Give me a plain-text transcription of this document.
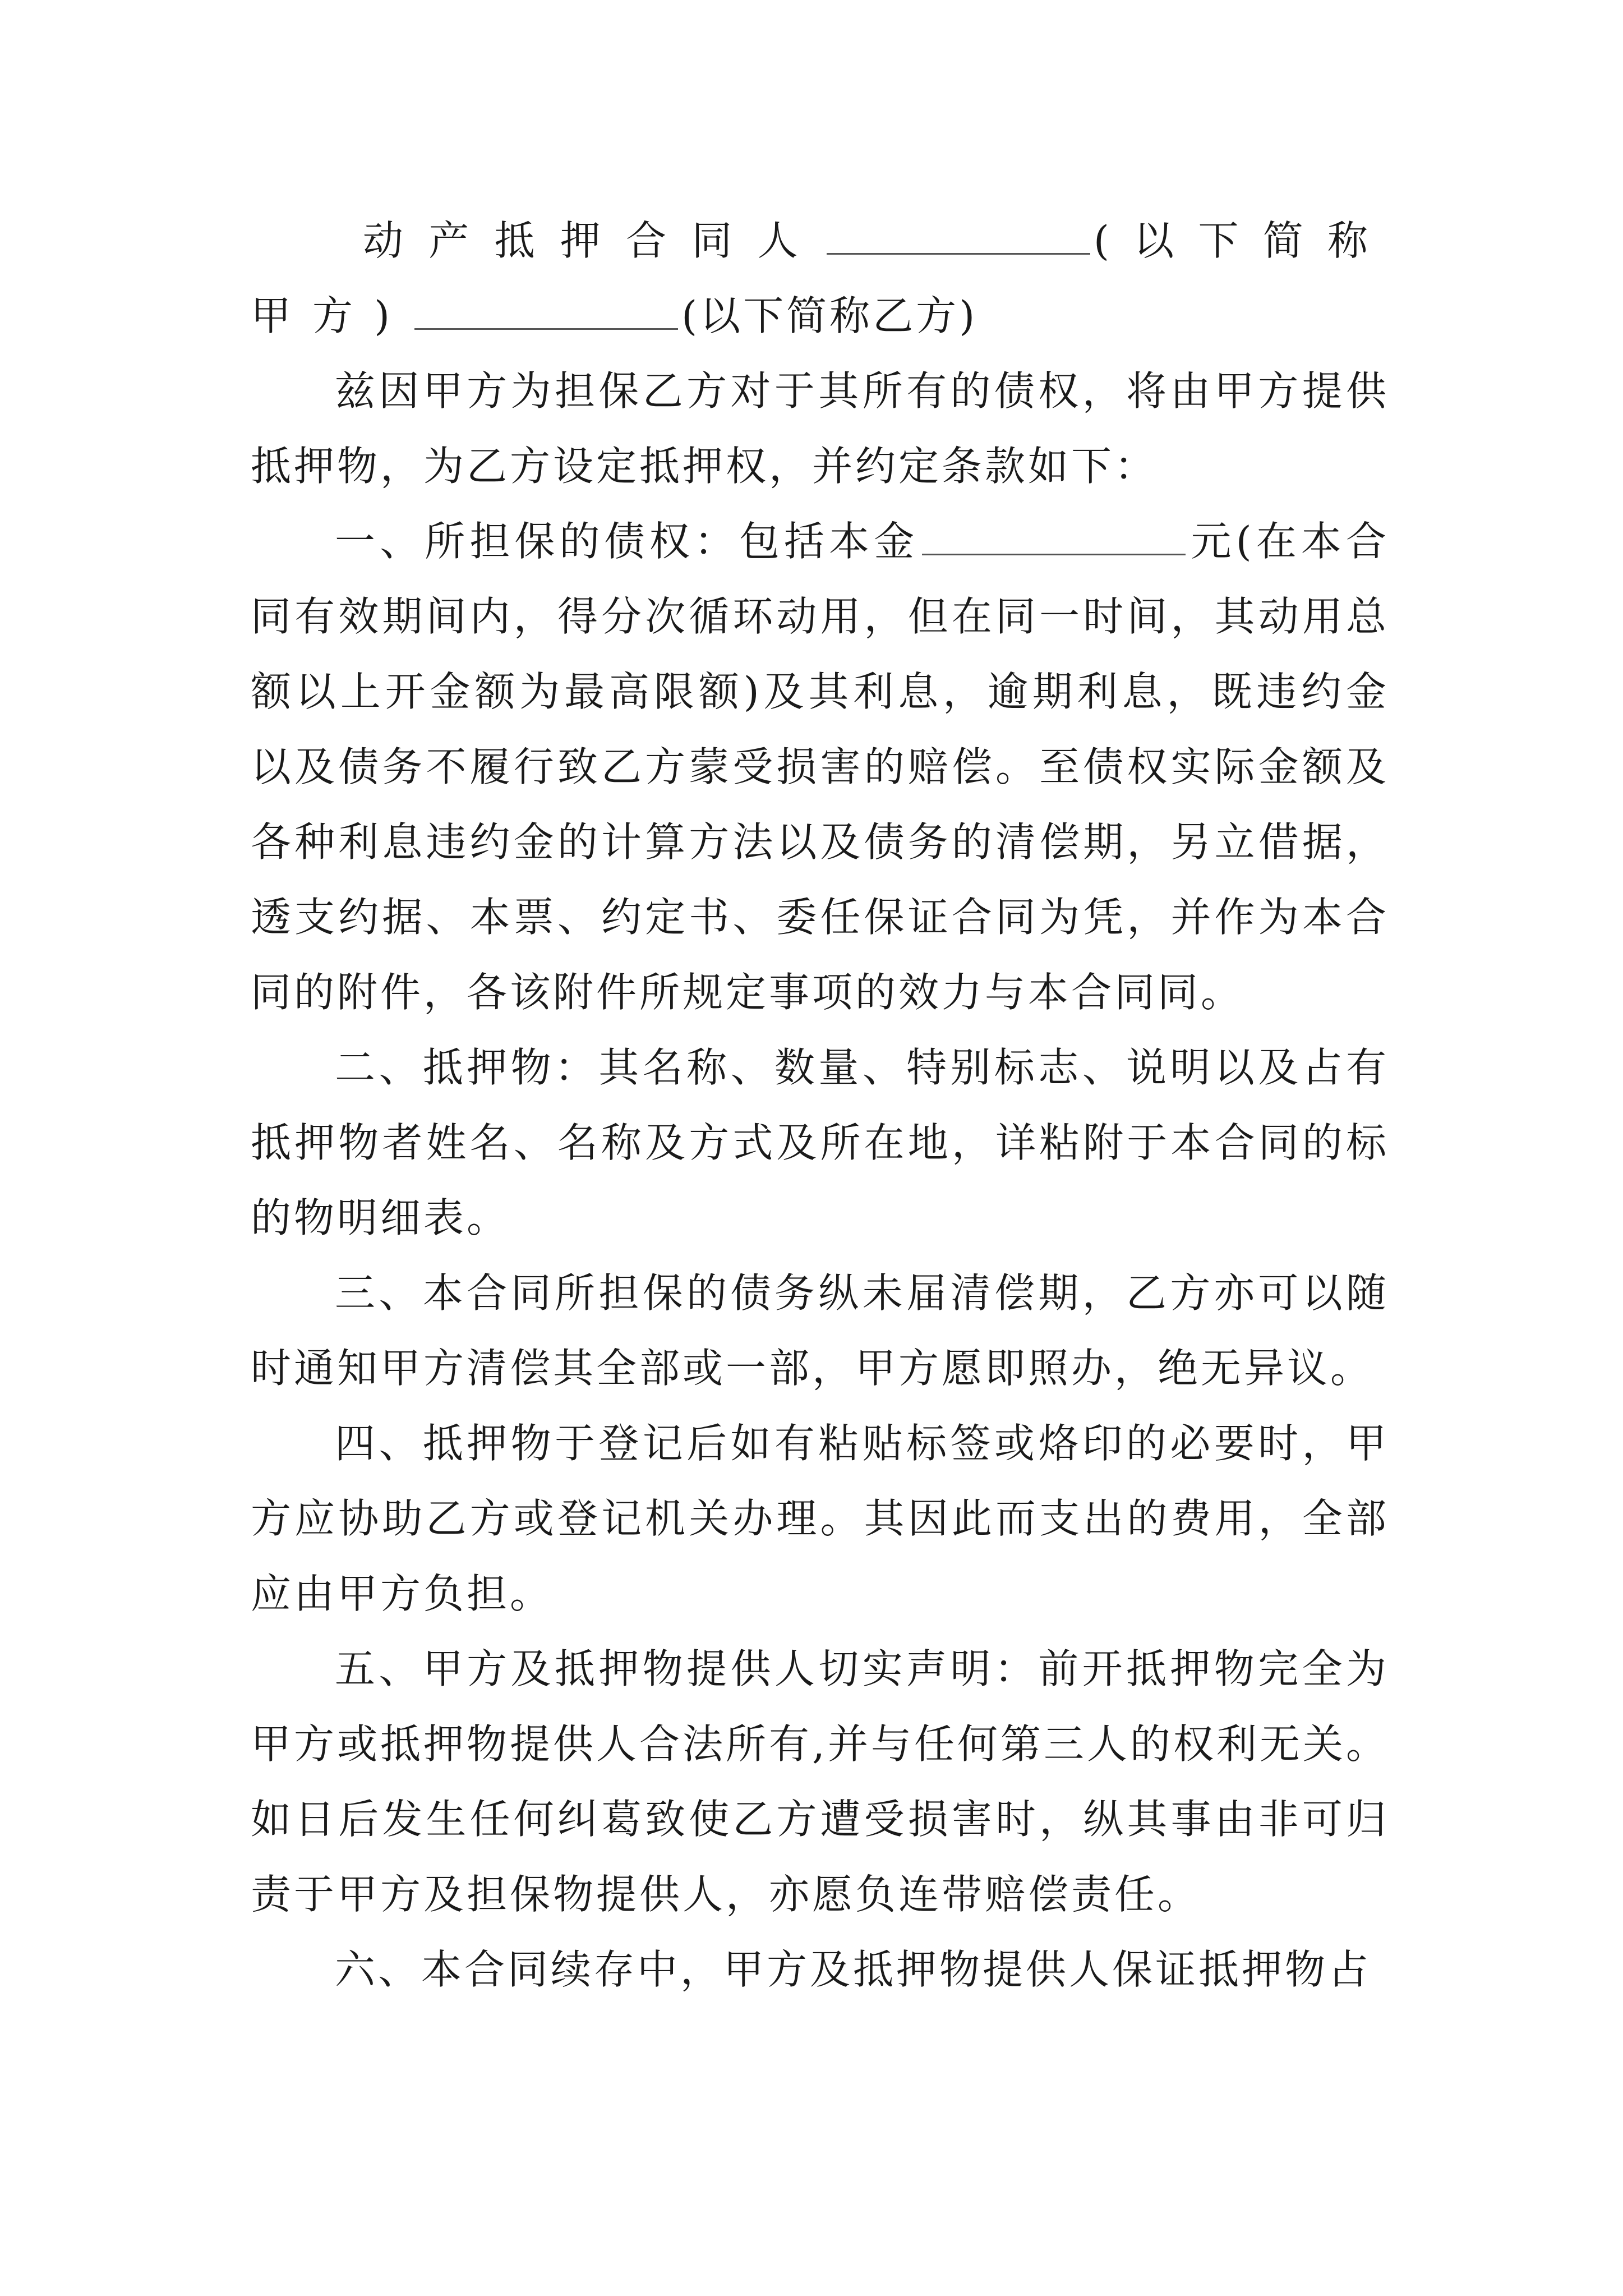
动产抵押合同人	(以下简称甲方)	(以下简称乙方)

兹因甲方为担保乙方对于其所有的债权，将由甲方提供抵押物，为乙方设定抵押权，并约定条款如下：

一、所担保的债权：包括本金	元(在本合同有效期间内，得分次循环动用，但在同一时间，其动用总额以上开金额为最高限额)及其利息，逾期利息，既违约金以及债务不履行致乙方蒙受损害的赔偿。至债权实际金额及各种利息违约金的计算方法以及债务的清偿期，另立借据，透支约据、本票、约定书、委任保证合同为凭，并作为本合同的附件，各该附件所规定事项的效力与本合同同。

二、抵押物：其名称、数量、特别标志、说明以及占有抵押物者姓名、名称及方式及所在地，详粘附于本合同的标的物明细表。

三、本合同所担保的债务纵未届清偿期，乙方亦可以随时通知甲方清偿其全部或一部，甲方愿即照办，绝无异议。

四、抵押物于登记后如有粘贴标签或烙印的必要时，甲方应协助乙方或登记机关办理。其因此而支出的费用，全部应由甲方负担。

五、甲方及抵押物提供人切实声明：前开抵押物完全为甲方或抵押物提供人合法所有,并与任何第三人的权利无关。如日后发生任何纠葛致使乙方遭受损害时，纵其事由非可归责于甲方及担保物提供人，亦愿负连带赔偿责任。

六、本合同续存中，甲方及抵押物提供人保证抵押物占
